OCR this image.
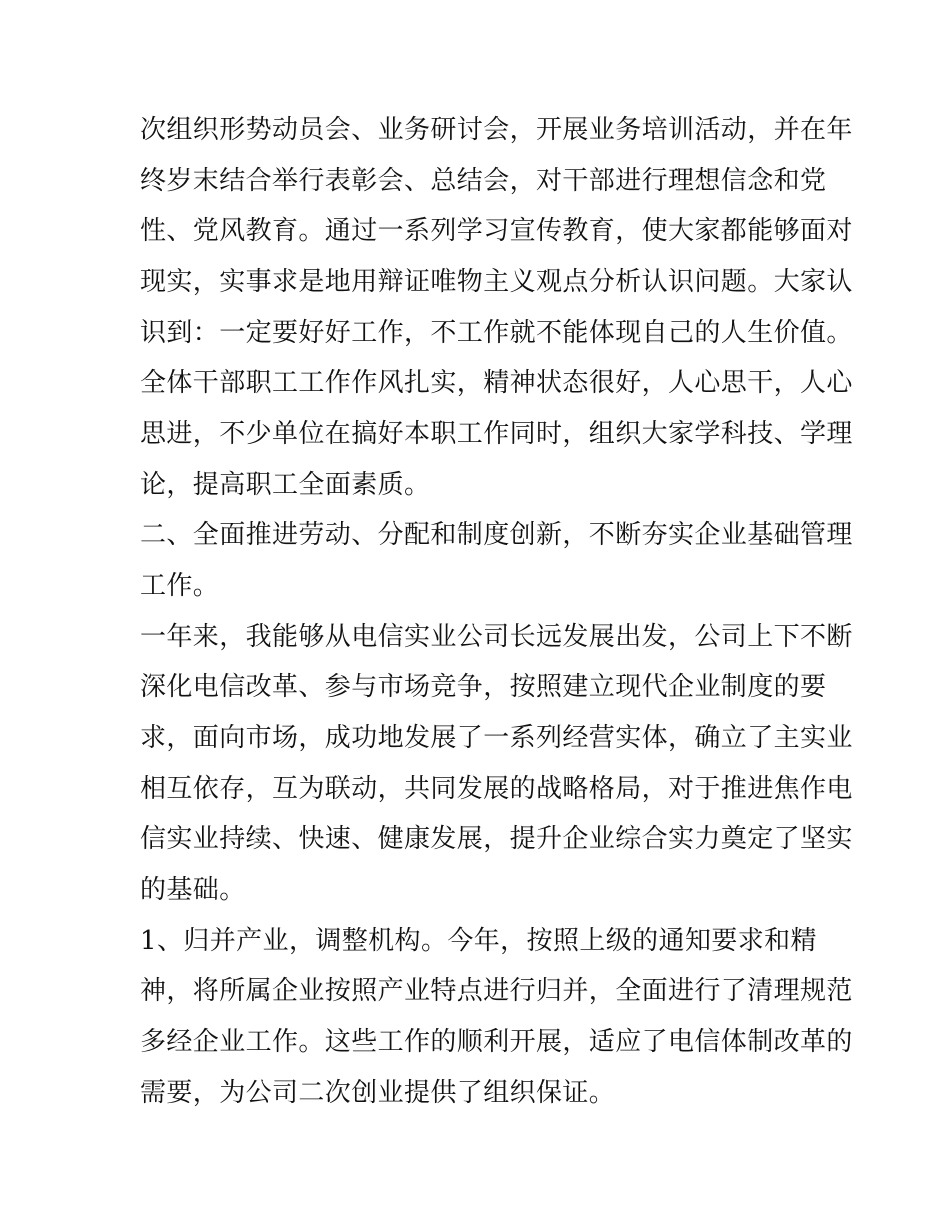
次组织形势动员会、业务研讨会，开展业务培训活动，并在年

终岁末结合举行表彰会、总结会，对干部进行理想信念和党

性、党风教育。通过一系列学习宣传教育，使大家都能够面对

现实，实事求是地用辩证唯物主义观点分析认识问题。大家认

识到：一定要好好工作，不工作就不能体现自己的人生价值。

全体干部职工工作作风扎实，精神状态很好，人心思干，人心

思进，不少单位在搞好本职工作同时，组织大家学科技、学理

论，提高职工全面素质。

二、全面推进劳动、分配和制度创新，不断夯实企业基础管理

工作。

一年来，我能够从电信实业公司长远发展出发，公司上下不断

深化电信改革、参与市场竞争，按照建立现代企业制度的要

求，面向市场，成功地发展了一系列经营实体，确立了主实业

相互依存，互为联动，共同发展的战略格局，对于推进焦作电

信实业持续、快速、健康发展，提升企业综合实力奠定了坚实

的基础。

1、归并产业，调整机构。今年，按照上级的通知要求和精

神，将所属企业按照产业特点进行归并，全面进行了清理规范

多经企业工作。这些工作的顺利开展，适应了电信体制改革的

需要，为公司二次创业提供了组织保证。
